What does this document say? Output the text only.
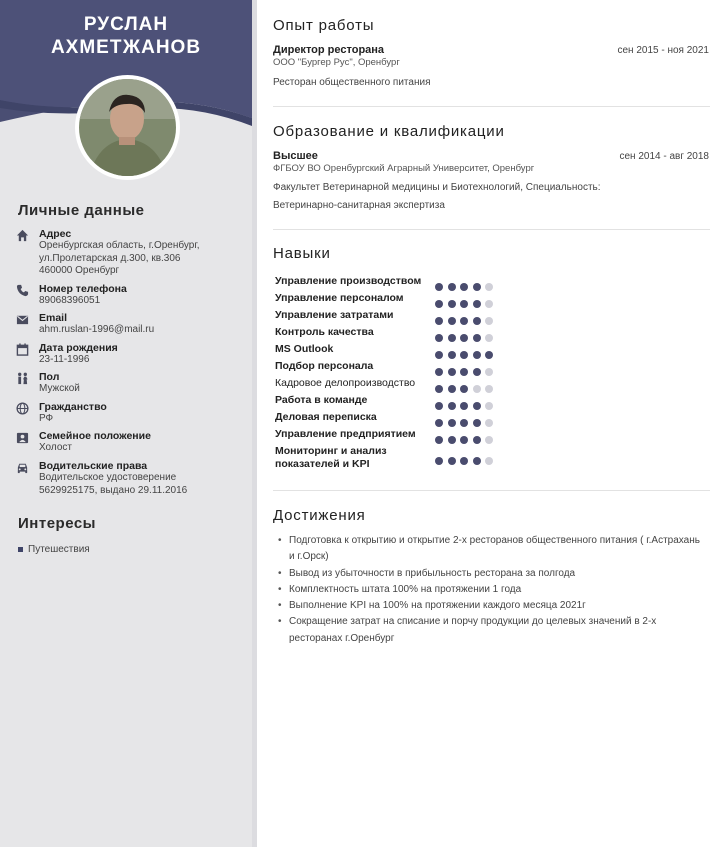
РУСЛАН
АХМЕТЖАНОВ
Личные данные
Адрес
Оренбургская область, г.Оренбург,
ул.Пролетарская д.300, кв.306
460000 Оренбург
Номер телефона
89068396051
Email
ahm.ruslan-1996@mail.ru
Дата рождения
23-11-1996
Пол
Мужской
Гражданство
РФ
Семейное положение
Холост
Водительские права
Водительское удостоверение
5629925175, выдано 29.11.2016
Интересы
Путешествия
Опыт работы
Директор ресторана	сен 2015 - ноя 2021
ООО "Бургер Рус", Оренбург
Ресторан общественного питания
Образование и квалификации
Высшее	сен 2014 - авг 2018
ФГБОУ ВО Оренбургский Аграрный Университет, Оренбург
Факультет Ветеринарной медицины и Биотехнологий, Специальность: Ветеринарно-санитарная экспертиза
Навыки
Управление производством
Управление персоналом
Управление затратами
Контроль качества
MS Outlook
Подбор персонала
Кадровое делопроизводство
Работа в команде
Деловая переписка
Управление предприятием
Мониторинг и анализ показателей и KPI
Достижения
• Подготовка к открытию и открытие 2-х ресторанов общественного питания ( г.Астрахань и г.Орск)
• Вывод из убыточности в прибыльность ресторана за полгода
• Комплектность штата 100% на протяжении 1 года
• Выполнение KPI на 100% на протяжении каждого месяца 2021г
• Сокращение затрат на списание и порчу продукции до целевых значений в 2-х ресторанах г.Оренбург
